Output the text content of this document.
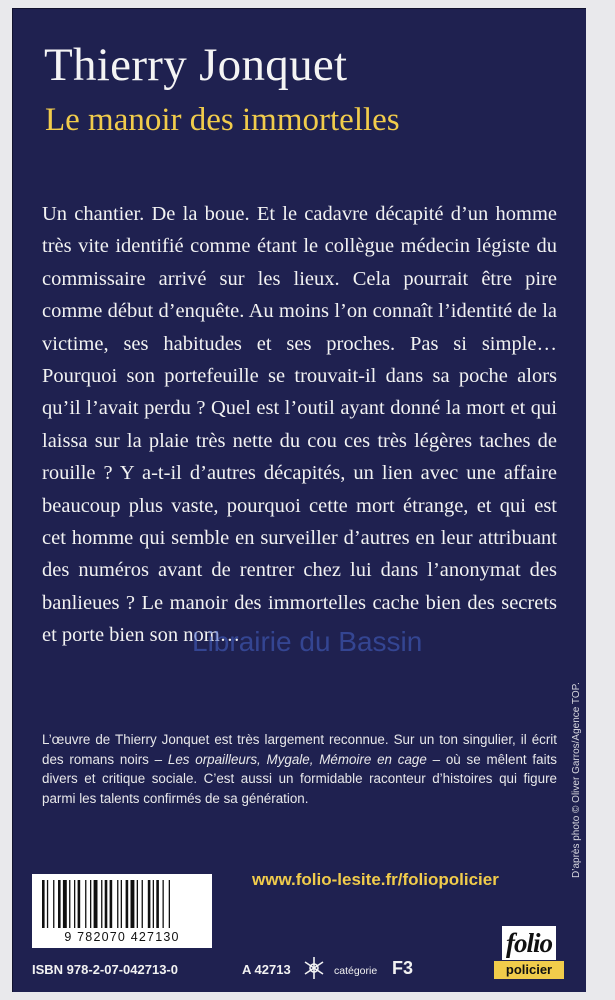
Thierry Jonquet
Le manoir des immortelles

Un chantier. De la boue. Et le cadavre décapité d’un homme très vite identifié comme étant le collègue médecin légiste du commissaire arrivé sur les lieux. Cela pourrait être pire comme début d’enquête. Au moins l’on connaît l’identité de la victime, ses habitudes et ses proches. Pas si simple… Pourquoi son portefeuille se trouvait-il dans sa poche alors qu’il l’avait perdu ? Quel est l’outil ayant donné la mort et qui laissa sur la plaie très nette du cou ces très légères taches de rouille ? Y a-t-il d’autres décapités, un lien avec une affaire beaucoup plus vaste, pourquoi cette mort étrange, et qui est cet homme qui semble en surveiller d’autres en leur attribuant des numéros avant de rentrer chez lui dans l’anonymat des banlieues ? Le manoir des immortelles cache bien des secrets et porte bien son nom…

Librairie du Bassin

L’œuvre de Thierry Jonquet est très largement reconnue. Sur un ton singulier, il écrit des romans noirs – Les orpailleurs, Mygale, Mémoire en cage – où se mêlent faits divers et critique sociale. C’est aussi un formidable raconteur d’histoires qui figure parmi les talents confirmés de sa génération.	D’après photo © Oliver Garros/Agence TOP.
www.folio-lesite.fr/foliopolicier
9 782070 427130
ISBN 978-2-07-042713-0	A 42713	catégorie F3
folio
policier
